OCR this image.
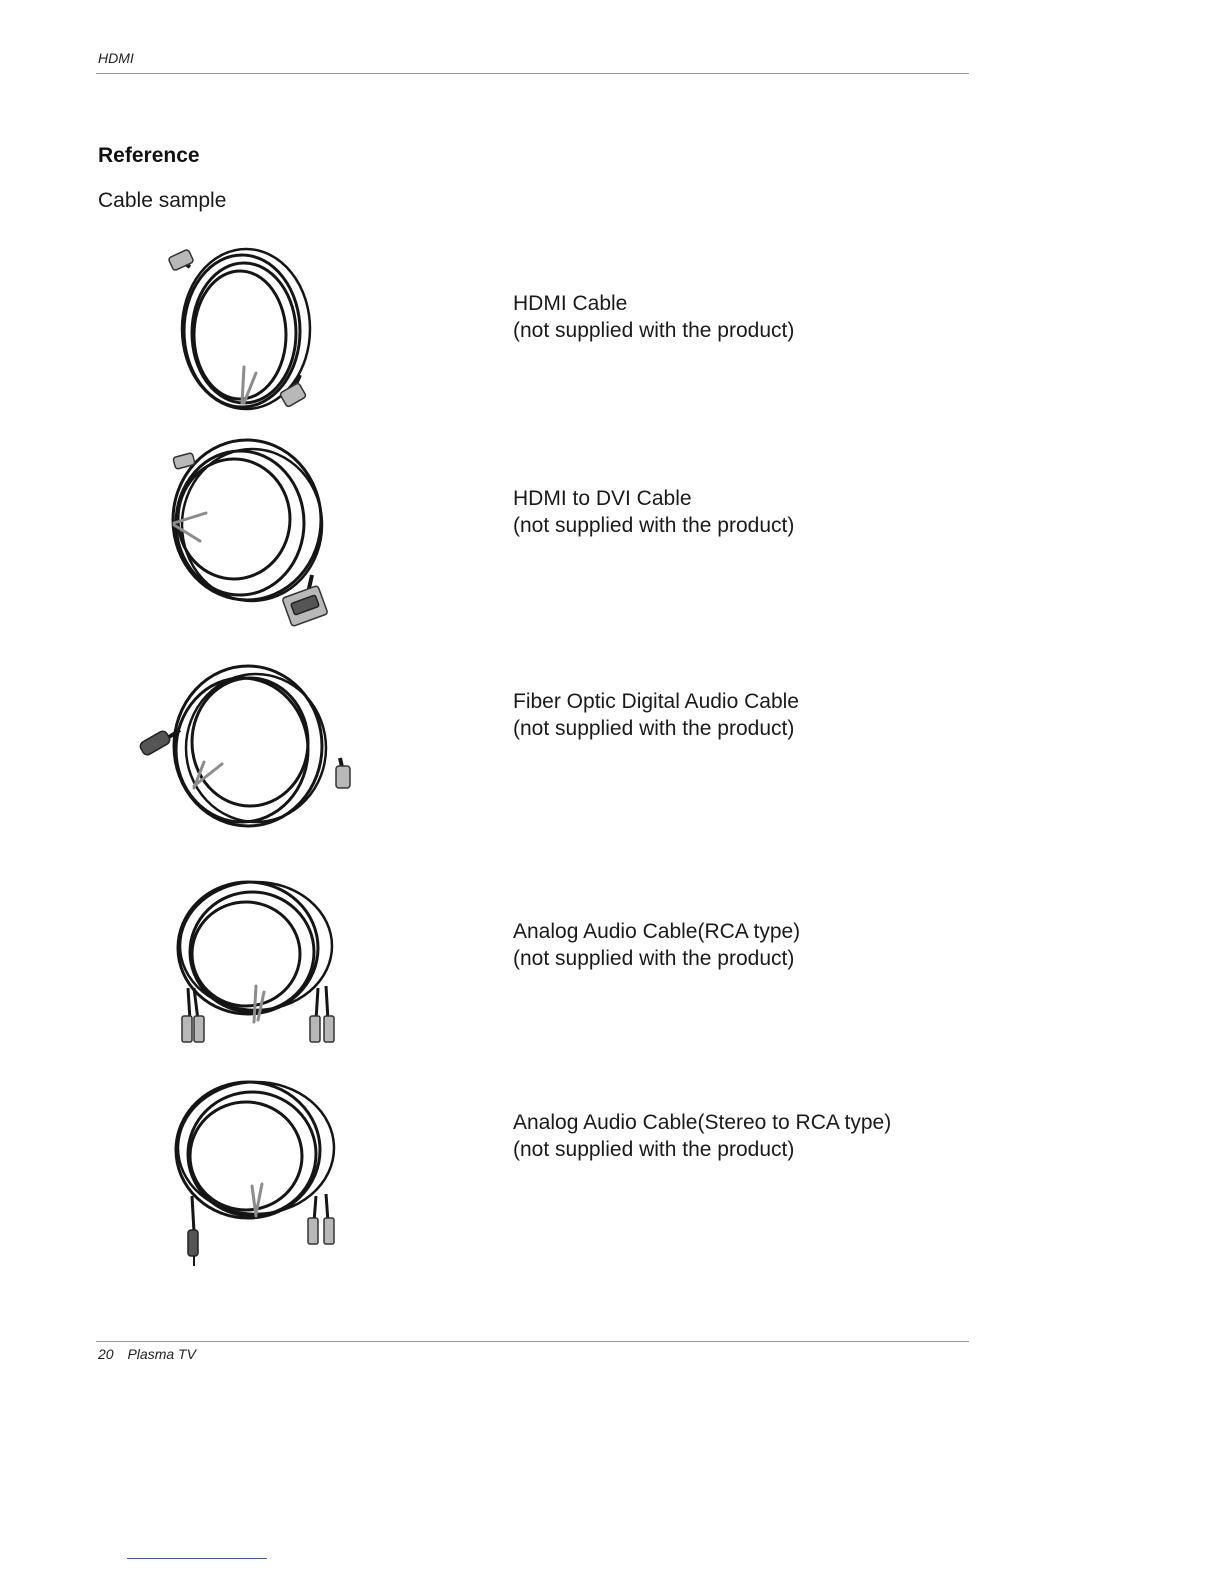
HDMI
Reference
Cable sample
HDMI Cable
(not supplied with the product)
HDMI to DVI Cable
(not supplied with the product)
Fiber Optic Digital Audio Cable
(not supplied with the product)
Analog Audio Cable(RCA type)
(not supplied with the product)
Analog Audio Cable(Stereo to RCA type)
(not supplied with the product)
20 Plasma TV
